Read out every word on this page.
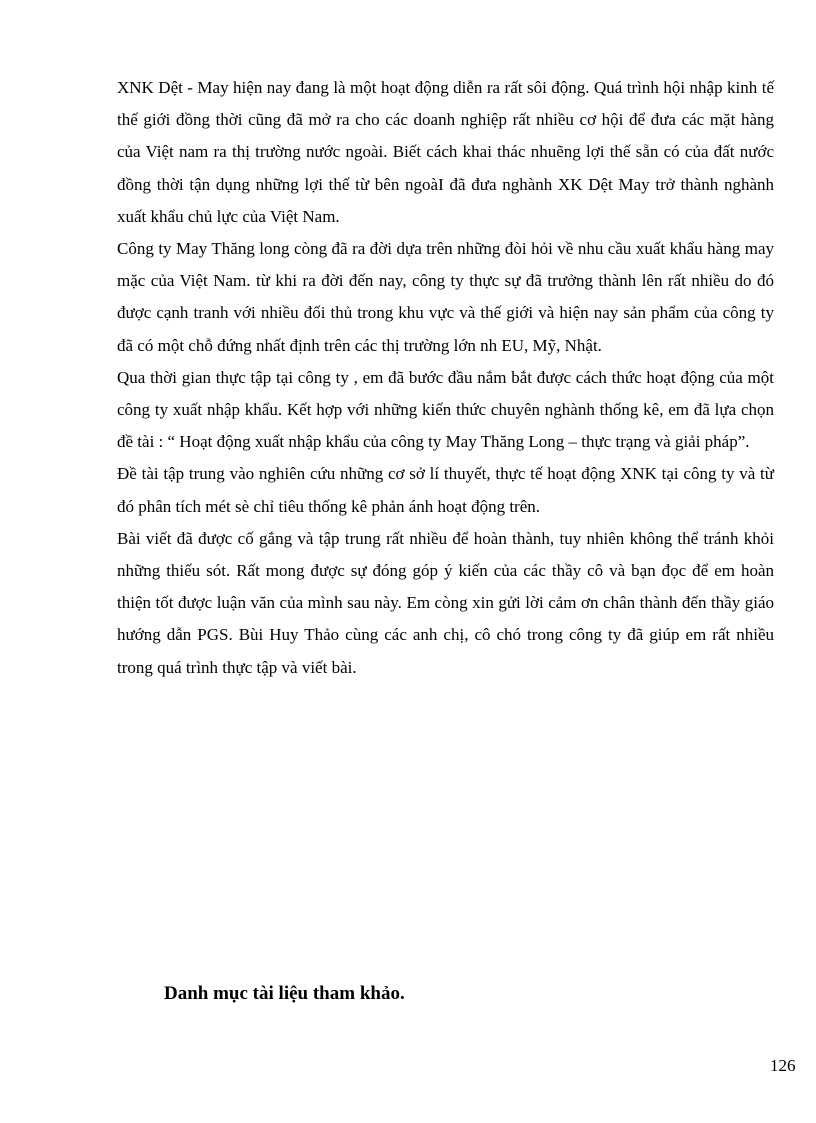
XNK Dệt - May hiện nay đang là một hoạt động diễn ra rất sôi động. Quá trình hội nhập kinh tế thế giới đồng thời cũng đã mở ra cho các doanh nghiệp rất nhiều cơ hội để đưa các mặt hàng của Việt nam ra thị trường nước ngoài. Biết cách khai thác nhuẽng lợi thế sẵn có của đất nước đồng thời tận dụng những lợi thế từ bên ngoàI đã đưa nghành XK Dệt May trở thành nghành xuất khẩu chủ lực của Việt Nam.

Công ty May Thăng long còng đã ra đời dựa trên những đòi hỏi về nhu cầu xuất khẩu hàng may mặc của Việt Nam. từ khi ra đời đến nay, công ty thực sự đã trưởng thành lên rất nhiều do đó được cạnh tranh với nhiều đối thủ trong khu vực và thế giới và hiện nay sản phẩm của công ty đã có một chỗ đứng nhất định trên các thị trường lớn nh EU, Mỹ, Nhật.

Qua thời gian thực tập tại công ty , em đã bước đầu nắm bắt được cách thức hoạt động của một công ty xuất nhập khẩu. Kết hợp với những kiến thức chuyên nghành thống kê, em đã lựa chọn đề tài : “ Hoạt động xuất nhập khẩu của công ty May Thăng Long – thực trạng và giải pháp”.

Đề tài tập trung vào nghiên cứu những cơ sở lí thuyết, thực tế hoạt động XNK tại công ty và từ đó phân tích mét sè chỉ tiêu thống kê phản ánh hoạt động trên.

Bài viết đã được cố gắng và tập trung rất nhiều để hoàn thành, tuy nhiên không thể tránh khỏi những thiếu sót. Rất mong được sự đóng góp ý kiến của các thầy cô và bạn đọc để em hoàn thiện tốt được luận văn của mình sau này. Em còng xin gửi lời cảm ơn chân thành đến thầy giáo hướng dẫn PGS. Bùi Huy Thảo cùng các anh chị, cô chó trong công ty đã giúp em rất nhiều trong quá trình thực tập và viết bài.

Danh mục tài liệu tham khảo.
126
